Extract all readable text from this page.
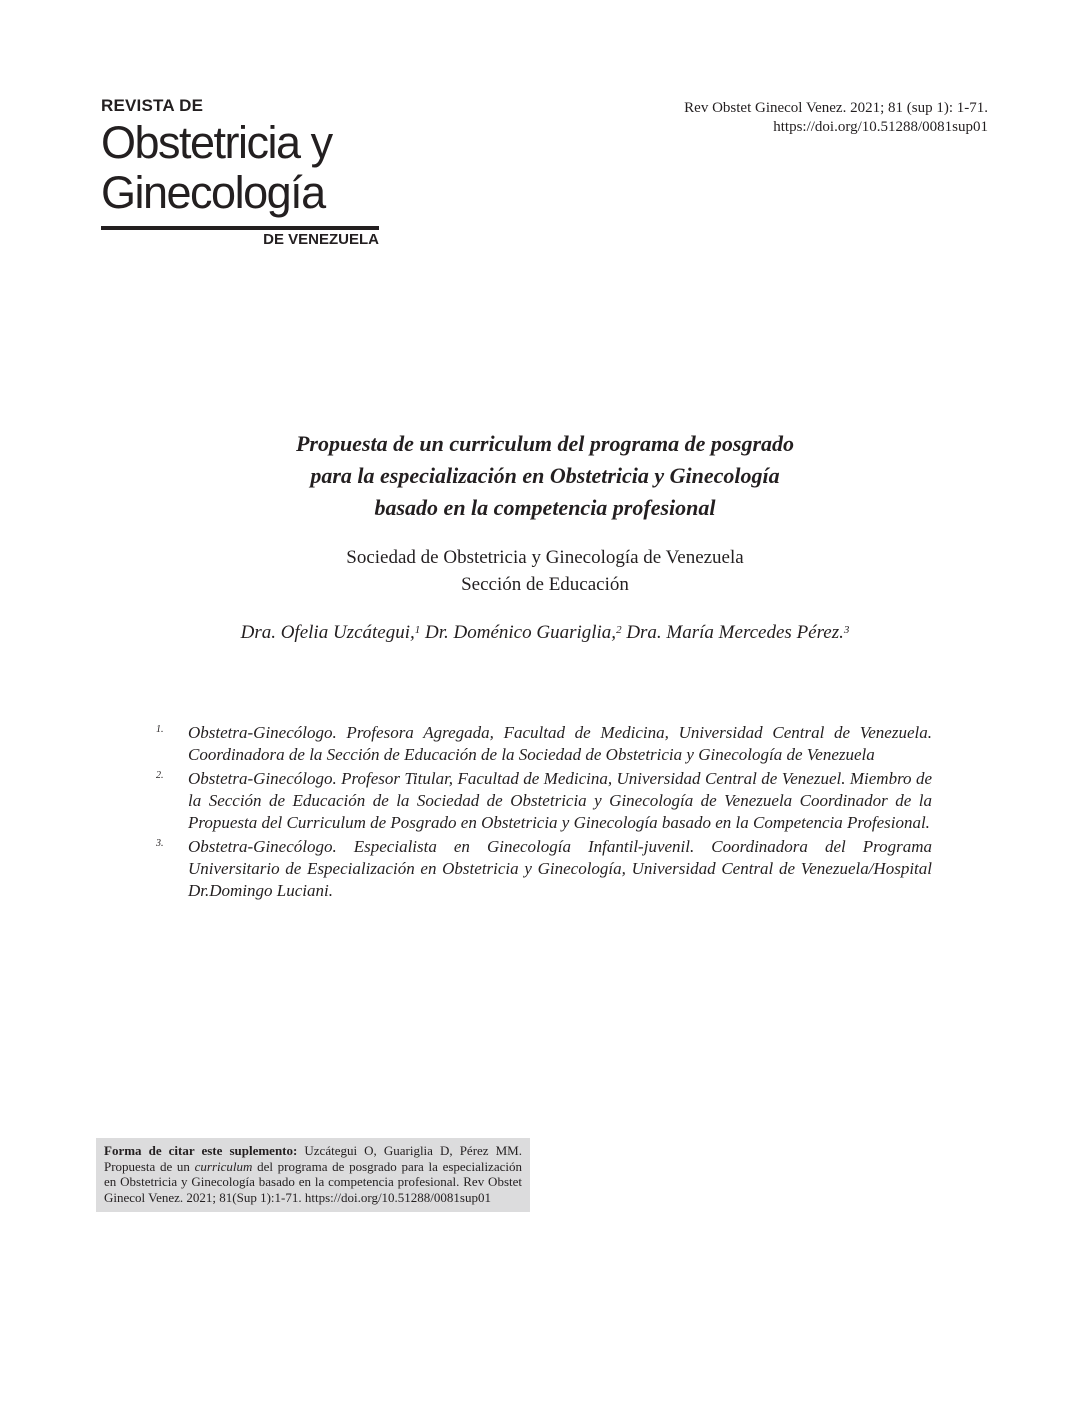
REVISTA DE
Obstetricia y
Ginecología
DE VENEZUELA
Rev Obstet Ginecol Venez. 2021; 81 (sup 1): 1-71.
https://doi.org/10.51288/0081sup01
Propuesta de un curriculum del programa de posgrado
para la especialización en Obstetricia y Ginecología
basado en la competencia profesional
Sociedad de Obstetricia y Ginecología de Venezuela
Sección de Educación
Dra. Ofelia Uzcátegui,$^1$ Dr. Doménico Guariglia,$^2$ Dra. María Mercedes Pérez.$^3$
1. Obstetra-Ginecólogo. Profesora Agregada, Facultad de Medicina, Universidad Central de Venezuela. Coordinadora de la Sección de Educación de la Sociedad de Obstetricia y Ginecología de Venezuela
2. Obstetra-Ginecólogo. Profesor Titular, Facultad de Medicina, Universidad Central de Venezuel. Miembro de la Sección de Educación de la Sociedad de Obstetricia y Ginecología de Venezuela Coordinador de la Propuesta del Curriculum de Posgrado en Obstetricia y Ginecología basado en la Competencia Profesional.
3. Obstetra-Ginecólogo. Especialista en Ginecología Infantil-juvenil. Coordinadora del Programa Universitario de Especialización en Obstetricia y Ginecología, Universidad Central de Venezuela/Hospital Dr.Domingo Luciani.
Forma de citar este suplemento: Uzcátegui O, Guariglia D, Pérez MM. Propuesta de un curriculum del programa de posgrado para la especialización en Obstetricia y Ginecología basado en la competencia profesional. Rev Obstet Ginecol Venez. 2021; 81(Sup 1):1-71. https://doi.org/10.51288/0081sup01
